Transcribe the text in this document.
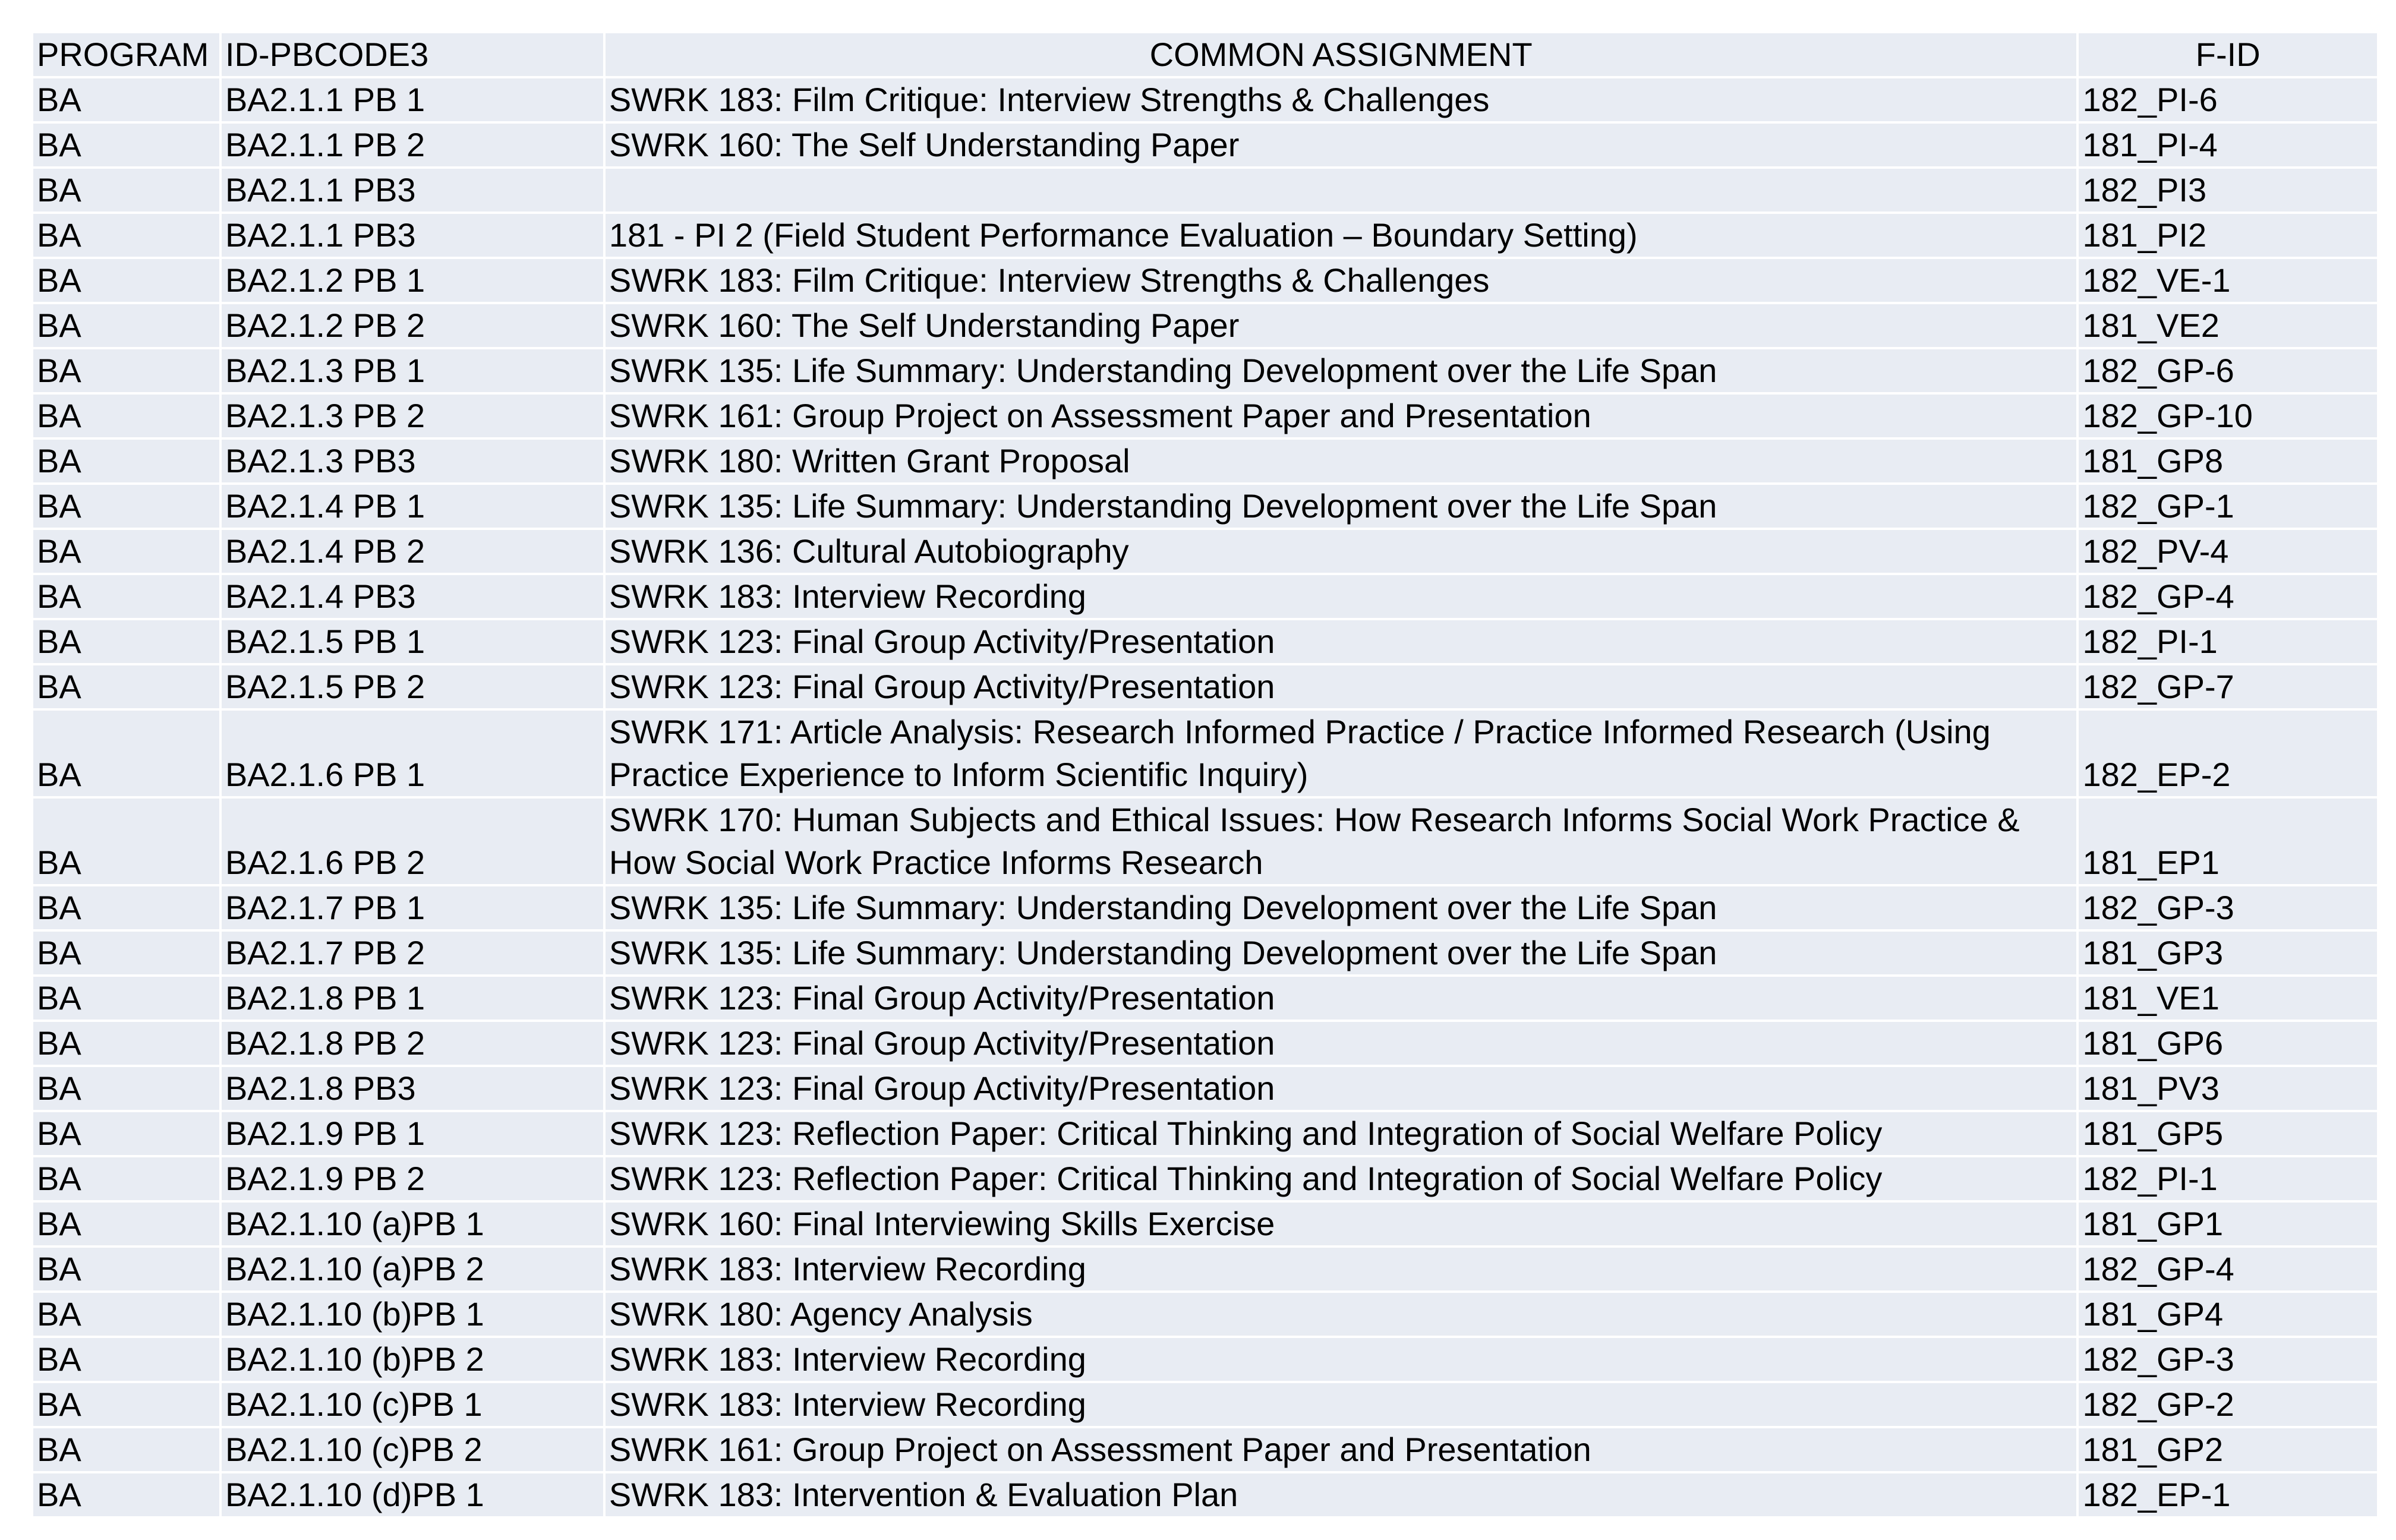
PROGRAM	ID-PBCODE3	COMMON ASSIGNMENT	F-ID
BA	BA2.1.1 PB 1	SWRK 183: Film Critique: Interview Strengths & Challenges	182_PI-6
BA	BA2.1.1 PB 2	SWRK 160: The Self Understanding Paper	181_PI-4
BA	BA2.1.1 PB3		182_PI3
BA	BA2.1.1 PB3	181 - PI 2 (Field Student Performance Evaluation – Boundary Setting)	181_PI2
BA	BA2.1.2 PB 1	SWRK 183: Film Critique: Interview Strengths & Challenges	182_VE-1
BA	BA2.1.2 PB 2	SWRK 160: The Self Understanding Paper	181_VE2
BA	BA2.1.3 PB 1	SWRK 135: Life Summary: Understanding Development over the Life Span	182_GP-6
BA	BA2.1.3 PB 2	SWRK 161: Group Project on Assessment Paper and Presentation	182_GP-10
BA	BA2.1.3 PB3	SWRK 180: Written Grant Proposal	181_GP8
BA	BA2.1.4 PB 1	SWRK 135: Life Summary: Understanding Development over the Life Span	182_GP-1
BA	BA2.1.4 PB 2	SWRK 136: Cultural Autobiography	182_PV-4
BA	BA2.1.4 PB3	SWRK 183: Interview Recording	182_GP-4
BA	BA2.1.5 PB 1	SWRK 123: Final Group Activity/Presentation	182_PI-1
BA	BA2.1.5 PB 2	SWRK 123: Final Group Activity/Presentation	182_GP-7
BA	BA2.1.6 PB 1	SWRK 171: Article Analysis: Research Informed Practice / Practice Informed Research (Using Practice Experience to Inform Scientific Inquiry)	182_EP-2
BA	BA2.1.6 PB 2	SWRK 170: Human Subjects and Ethical Issues: How Research Informs Social Work Practice & How Social Work Practice Informs Research	181_EP1
BA	BA2.1.7 PB 1	SWRK 135: Life Summary: Understanding Development over the Life Span	182_GP-3
BA	BA2.1.7 PB 2	SWRK 135: Life Summary: Understanding Development over the Life Span	181_GP3
BA	BA2.1.8 PB 1	SWRK 123: Final Group Activity/Presentation	181_VE1
BA	BA2.1.8 PB 2	SWRK 123: Final Group Activity/Presentation	181_GP6
BA	BA2.1.8 PB3	SWRK 123: Final Group Activity/Presentation	181_PV3
BA	BA2.1.9 PB 1	SWRK 123: Reflection Paper: Critical Thinking and Integration of Social Welfare Policy	181_GP5
BA	BA2.1.9 PB 2	SWRK 123: Reflection Paper: Critical Thinking and Integration of Social Welfare Policy	182_PI-1
BA	BA2.1.10 (a)PB 1	SWRK 160: Final Interviewing Skills Exercise	181_GP1
BA	BA2.1.10 (a)PB 2	SWRK 183: Interview Recording	182_GP-4
BA	BA2.1.10 (b)PB 1	SWRK 180: Agency Analysis	181_GP4
BA	BA2.1.10 (b)PB 2	SWRK 183: Interview Recording	182_GP-3
BA	BA2.1.10 (c)PB 1	SWRK 183: Interview Recording	182_GP-2
BA	BA2.1.10 (c)PB 2	SWRK 161: Group Project on Assessment Paper and Presentation	181_GP2
BA	BA2.1.10 (d)PB 1	SWRK 183: Intervention & Evaluation Plan	182_EP-1
